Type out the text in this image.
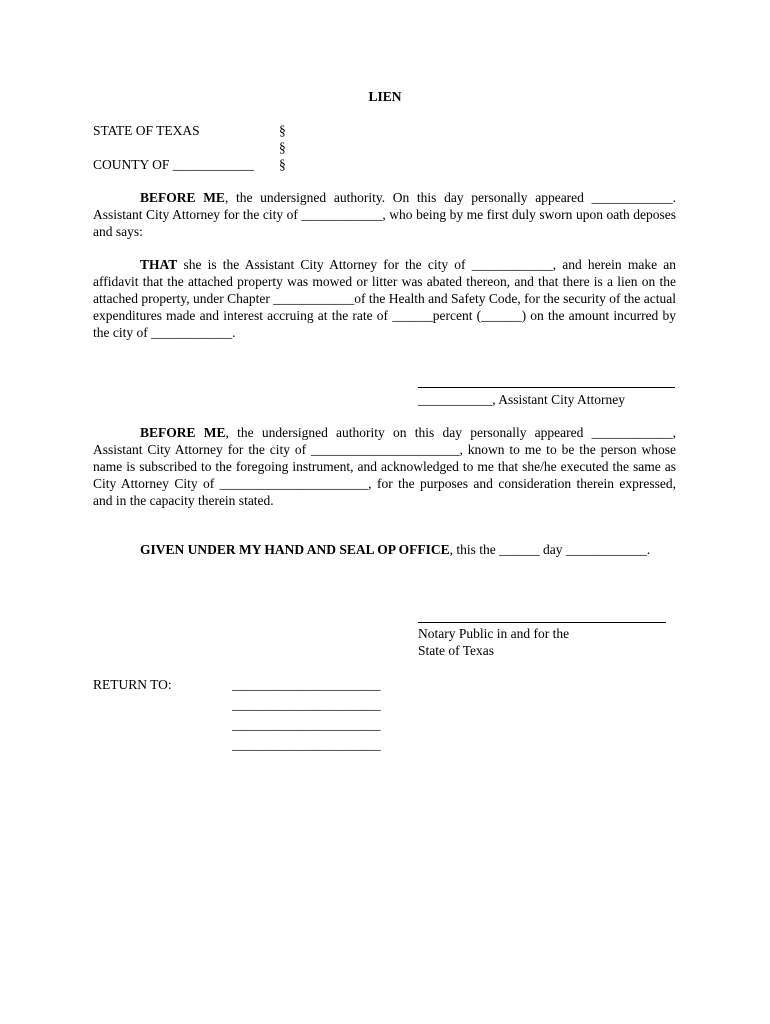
LIEN
STATE OF TEXAS
COUNTY OF ____________
§
§
§
BEFORE ME, the undersigned authority. On this day personally appeared ____________. Assistant City Attorney for the city of ____________, who being by me first duly sworn upon oath deposes and says:
THAT she is the Assistant City Attorney for the city of ____________, and herein make an affidavit that the attached property was mowed or litter was abated thereon, and that there is a lien on the attached property, under Chapter ____________of the Health and Safety Code, for the security of the actual expenditures made and interest accruing at the rate of ______percent (______) on the amount incurred by the city of ____________.
___________, Assistant City Attorney
BEFORE ME, the undersigned authority on this day personally appeared ____________, Assistant City Attorney for the city of ______________________, known to me to be the person whose name is subscribed to the foregoing instrument, and acknowledged to me that she/he executed the same as City Attorney City of ______________________, for the purposes and consideration therein expressed, and in the capacity therein stated.
GIVEN UNDER MY HAND AND SEAL OP OFFICE, this the ______ day ____________.
Notary Public in and for the
State of Texas
RETURN TO:	______________________
______________________
______________________
______________________
